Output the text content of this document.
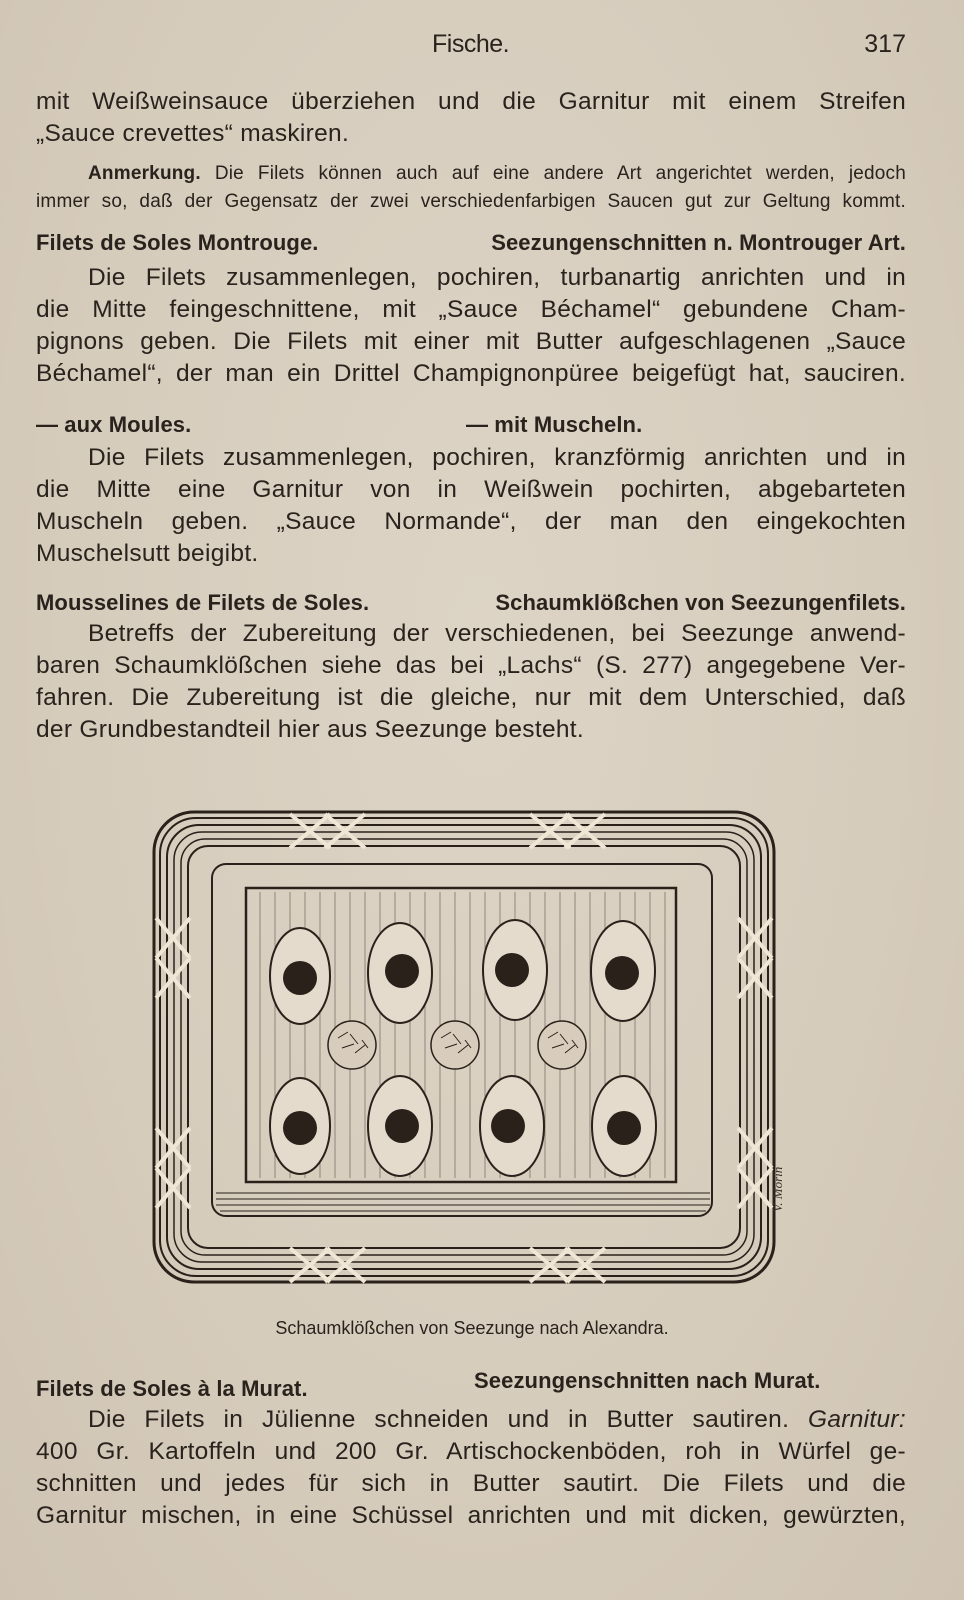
Fische.	317
mit Weißweinsauce überziehen und die Garnitur mit einem Streifen
„Sauce crevettes“ maskiren.
Anmerkung. Die Filets können auch auf eine andere Art angerichtet werden, jedoch
immer so, daß der Gegensatz der zwei verschiedenfarbigen Saucen gut zur Geltung kommt.
Filets de Soles Montrouge.	Seezungenschnitten n. Montrouger Art.
Die Filets zusammenlegen, pochiren, turbanartig anrichten und in
die Mitte feingeschnittene, mit „Sauce Béchamel“ gebundene Cham-
pignons geben. Die Filets mit einer mit Butter aufgeschlagenen „Sauce
Béchamel“, der man ein Drittel Champignonpüree beigefügt hat, sauciren.
— aux Moules.	— mit Muscheln.
Die Filets zusammenlegen, pochiren, kranzförmig anrichten und in
die Mitte eine Garnitur von in Weißwein pochirten, abgebarteten
Muscheln geben. „Sauce Normande“, der man den eingekochten
Muschelsutt beigibt.
Mousselines de Filets de Soles.	Schaumklößchen von Seezungenfilets.
Betreffs der Zubereitung der verschiedenen, bei Seezunge anwend-
baren Schaumklößchen siehe das bei „Lachs“ (S. 277) angegebene Ver-
fahren. Die Zubereitung ist die gleiche, nur mit dem Unterschied, daß
der Grundbestandteil hier aus Seezunge besteht.
V. Morin
Schaumklößchen von Seezunge nach Alexandra.
Filets de Soles à la Murat.	Seezungenschnitten nach Murat.
Die Filets in Jülienne schneiden und in Butter sautiren. Garnitur:
400 Gr. Kartoffeln und 200 Gr. Artischockenböden, roh in Würfel ge-
schnitten und jedes für sich in Butter sautirt. Die Filets und die
Garnitur mischen, in eine Schüssel anrichten und mit dicken, gewürzten,
